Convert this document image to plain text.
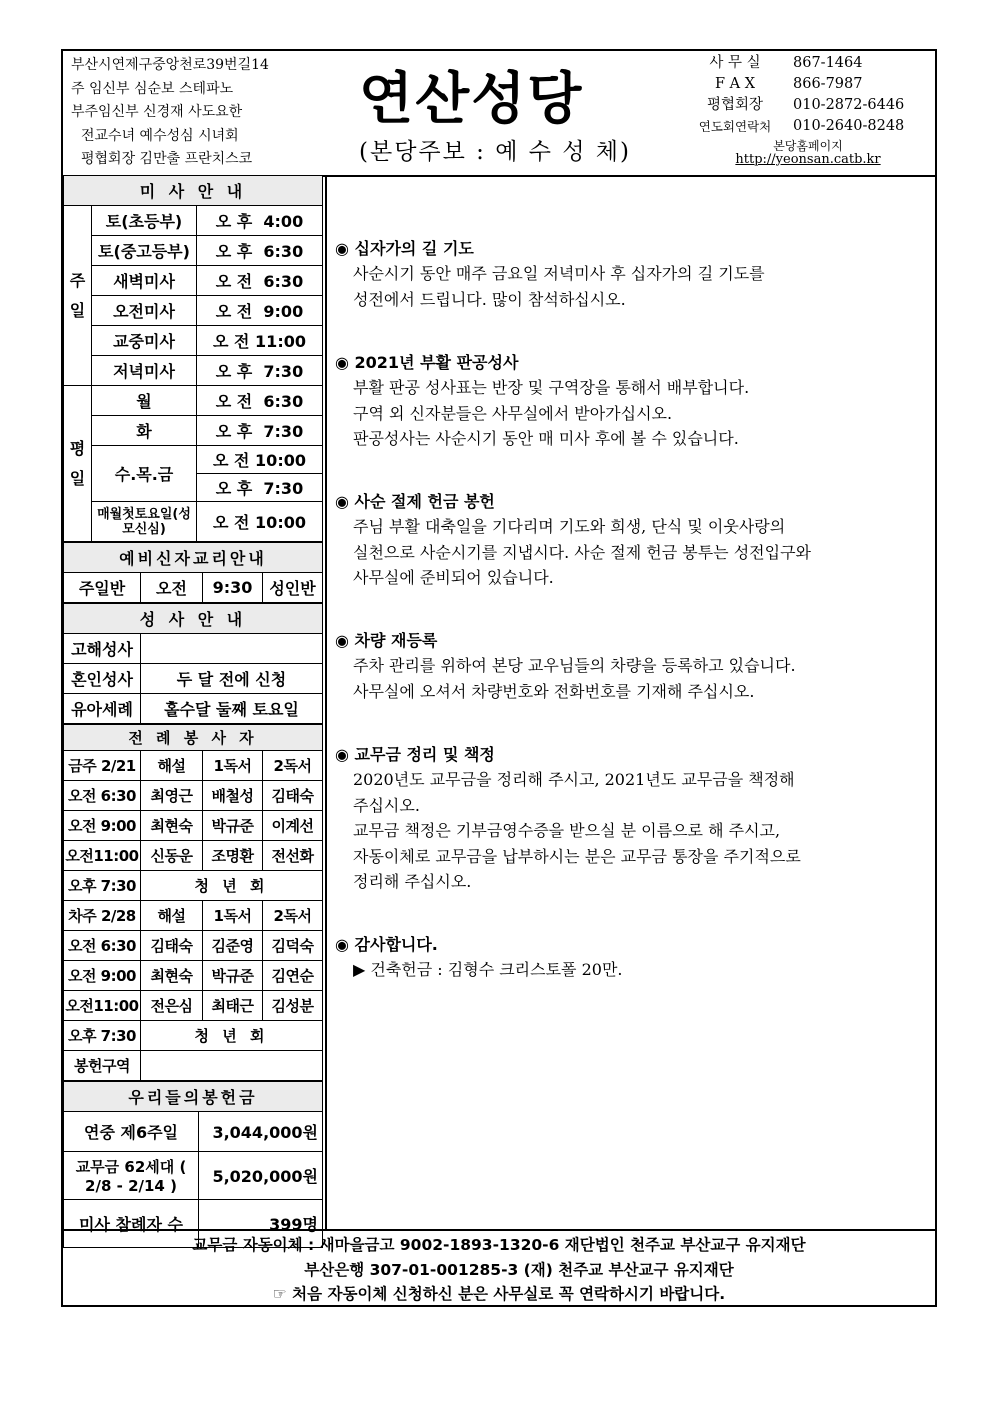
부산시연제구중앙천로39번길14
주 임신부 심순보 스테파노
부주임신부 신경재 사도요한
전교수녀 예수성심 시녀회
평협회장 김만출 프란치스코
연산성당
(본당주보 : 예 수 성 체)
사 무 실	867-1464
F A X	866-7987
평협회장	010-2872-6446
연도회연락처	010-2640-8248
본당홈페이지
http://yeonsan.catb.kr
미 사 안 내		

주일	토(초등부)	오 후  4:00
	토(중고등부)	오 후  6:30
	새벽미사	오 전  6:30
	오전미사	오 전  9:00
	교중미사	오 전 11:00
	저녁미사	오 후  7:30

평일	월	오 전  6:30
	화	오 후  7:30
	수.목.금	오 전 10:00
		오 후  7:30

	매월첫토요일(성모신심)	오 전 10:00
예비신자교리안내
주일반	오전	9:30	성인반
성 사 안 내	
고해성사	
혼인성사	두 달 전에 신청
유아세례	홀수달 둘째 토요일
전 례 봉 사 자			
금주 2/21	해설	1독서	2독서
오전 6:30	최영근	배철성	김태숙
오전 9:00	최현숙	박규준	이계선
오전11:00	신동운	조명환	전선화
오후 7:30	청 년 회		
차주 2/28	해설	1독서	2독서
오전 6:30	김태숙	김준영	김덕숙
오전 9:00	최현숙	박규준	김연순
오전11:00	전은심	최태근	김성분
오후 7:30	청 년 회		
봉헌구역			
우리들의봉헌금	
연중 제6주일	3,044,000원

교무금 62세대 ( 2/8 - 2/14 )	5,020,000원
미사 참례자 수	399명
◉ 십자가의 길 기도

사순시기 동안 매주 금요일 저녁미사 후 십자가의 길 기도를

성전에서 드립니다. 많이 참석하십시오.

◉ 2021년 부활 판공성사

부활 판공 성사표는 반장 및 구역장을 통해서 배부합니다.

구역 외 신자분들은 사무실에서 받아가십시오.

판공성사는 사순시기 동안 매 미사 후에 볼 수 있습니다.

◉ 사순 절제 헌금 봉헌

주님 부활 대축일을 기다리며 기도와 희생, 단식 및 이웃사랑의

실천으로 사순시기를 지냅시다. 사순 절제 헌금 봉투는 성전입구와

사무실에 준비되어 있습니다.

◉ 차량 재등록

주차 관리를 위하여 본당 교우님들의 차량을 등록하고 있습니다.

사무실에 오셔서 차량번호와 전화번호를 기재해 주십시오.

◉ 교무금 정리 및 책정

2020년도 교무금을 정리해 주시고, 2021년도 교무금을 책정해

주십시오.

교무금 책정은 기부금영수증을 받으실 분 이름으로 해 주시고,

자동이체로 교무금을 납부하시는 분은 교무금 통장을 주기적으로

정리해 주십시오.

◉ 감사합니다.

▶ 건축헌금 : 김형수 크리스토폴 20만.

교무금 자동이체 : 새마을금고 9002-1893-1320-6 재단법인 천주교 부산교구 유지재단
부산은행 307-01-001285-3 (재) 천주교 부산교구 유지재단
☞ 처음 자동이체 신청하신 분은 사무실로 꼭 연락하시기 바랍니다.
